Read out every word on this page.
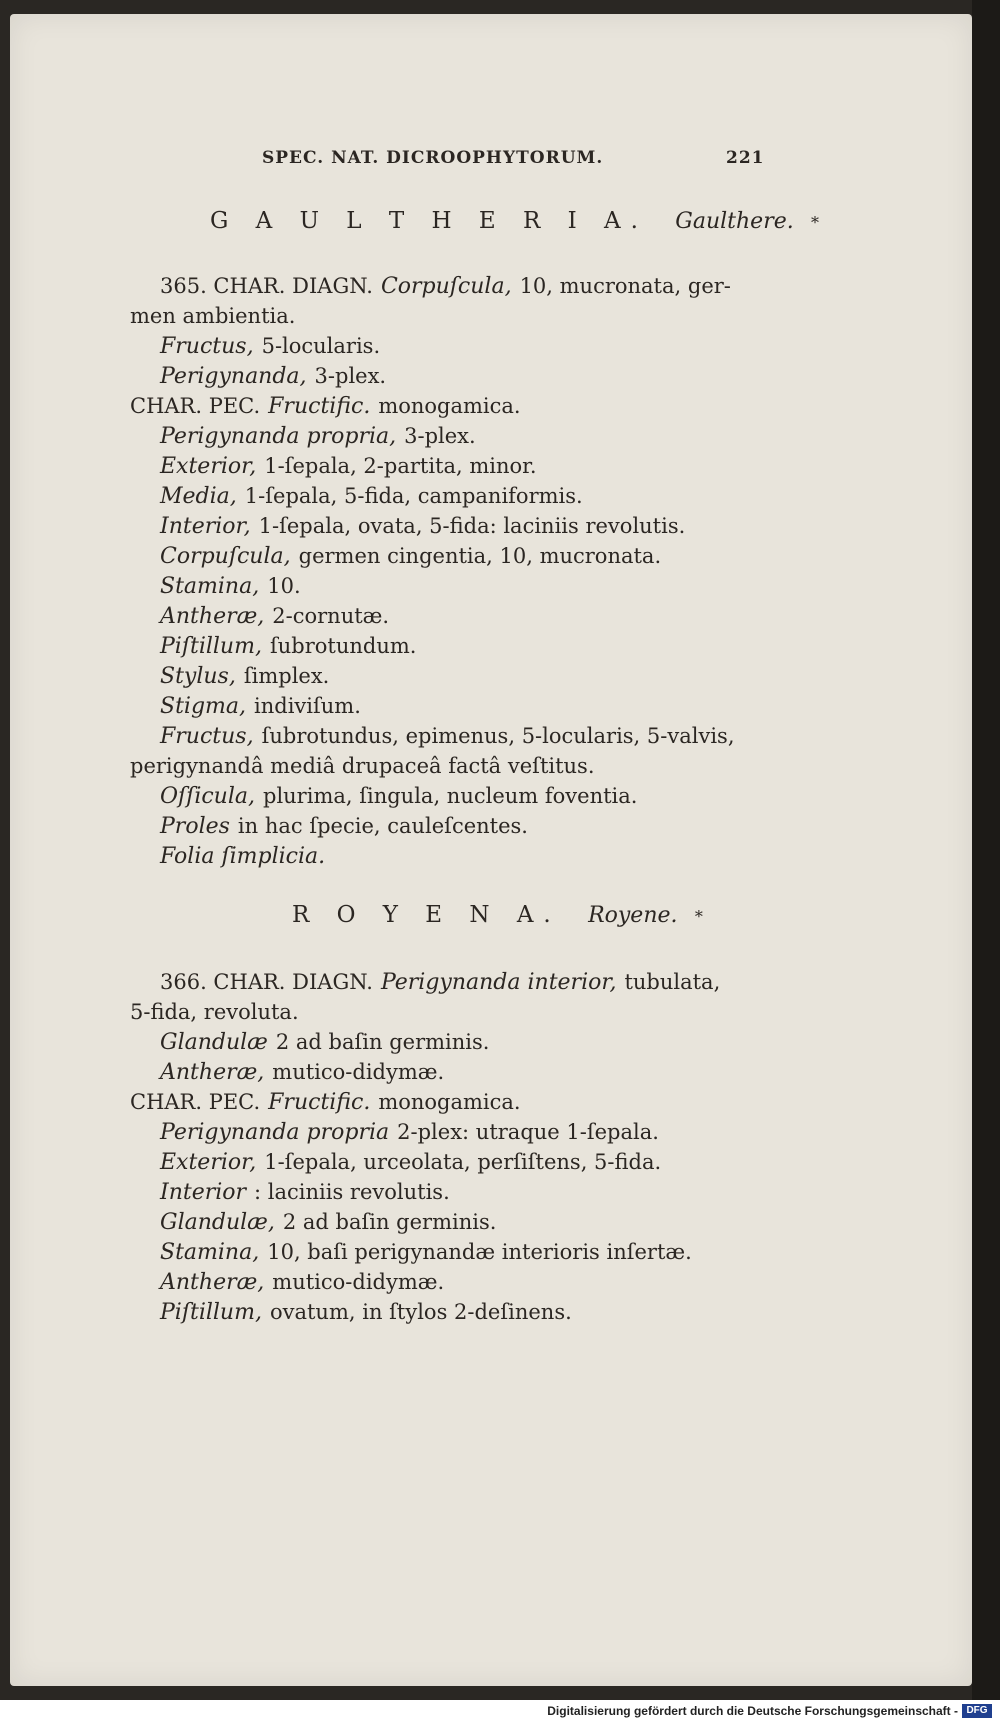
SPEC. NAT. DICROOPHYTORUM.	221
G A U L T H E R I A. Gaulthere. *
365. CHAR. DIAGN. Corpuſcula, 10, mucronata, ger-
men ambientia.
Fructus, 5-locularis.
Perigynanda, 3-plex.
CHAR. PEC. Fructific. monogamica.
Perigynanda propria, 3-plex.
Exterior, 1-ſepala, 2-partita, minor.
Media, 1-ſepala, 5-fida, campaniformis.
Interior, 1-ſepala, ovata, 5-fida: laciniis revolutis.
Corpuſcula, germen cingentia, 10, mucronata.
Stamina, 10.
Antheræ, 2-cornutæ.
Piſtillum, ſubrotundum.
Stylus, ſimplex.
Stigma, indiviſum.
Fructus, ſubrotundus, epimenus, 5-locularis, 5-valvis,
perigynandâ mediâ drupaceâ factâ veſtitus.
Oſſicula, plurima, ſingula, nucleum foventia.
Proles in hac ſpecie, cauleſcentes.
Folia ſimplicia.
R O Y E N A. Royene. *
366. CHAR. DIAGN. Perigynanda interior, tubulata,
5-fida, revoluta.
Glandulæ 2 ad baſin germinis.
Antheræ, mutico-didymæ.
CHAR. PEC. Fructific. monogamica.
Perigynanda propria 2-plex: utraque 1-ſepala.
Exterior, 1-ſepala, urceolata, perſiſtens, 5-fida.
Interior : laciniis revolutis.
Glandulæ, 2 ad baſin germinis.
Stamina, 10, baſi perigynandæ interioris inſertæ.
Antheræ, mutico-didymæ.
Piſtillum, ovatum, in ſtylos 2-deſinens.
Digitalisierung gefördert durch die Deutsche Forschungsgemeinschaft - DFG
